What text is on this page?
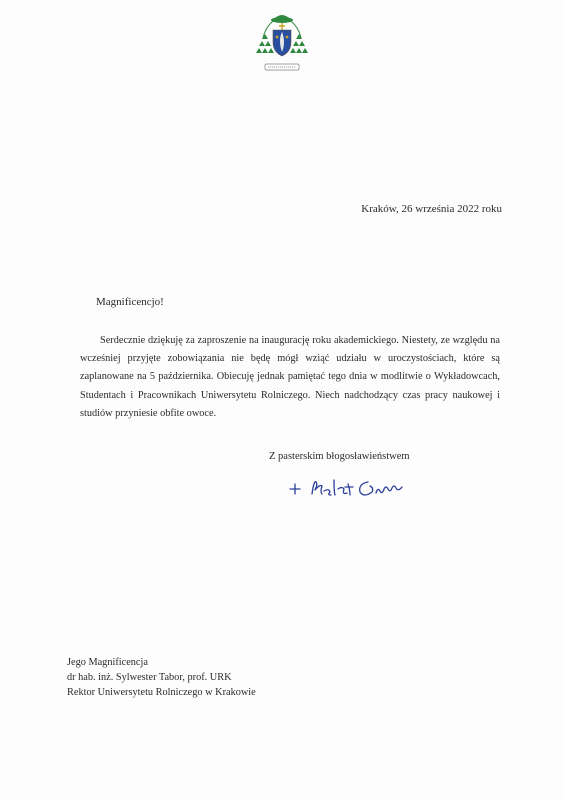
·
Kraków, 26 września 2022 roku
Magnificencjo!
Serdecznie dziękuję za zaproszenie na inaugurację roku akademickiego. Niestety, ze względu na wcześniej przyjęte zobowiązania nie będę mógł wziąć udziału w uroczystościach, które są zaplanowane na 5 października. Obiecuję jednak pamiętać tego dnia w modlitwie o Wykładowcach, Studentach i Pracownikach Uniwersytetu Rolniczego. Niech nadchodzący czas pracy naukowej i studiów przyniesie obfite owoce.
Z pasterskim błogosławieństwem
Jego Magnificencja
dr hab. inż. Sylwester Tabor, prof. URK
Rektor Uniwersytetu Rolniczego w Krakowie
